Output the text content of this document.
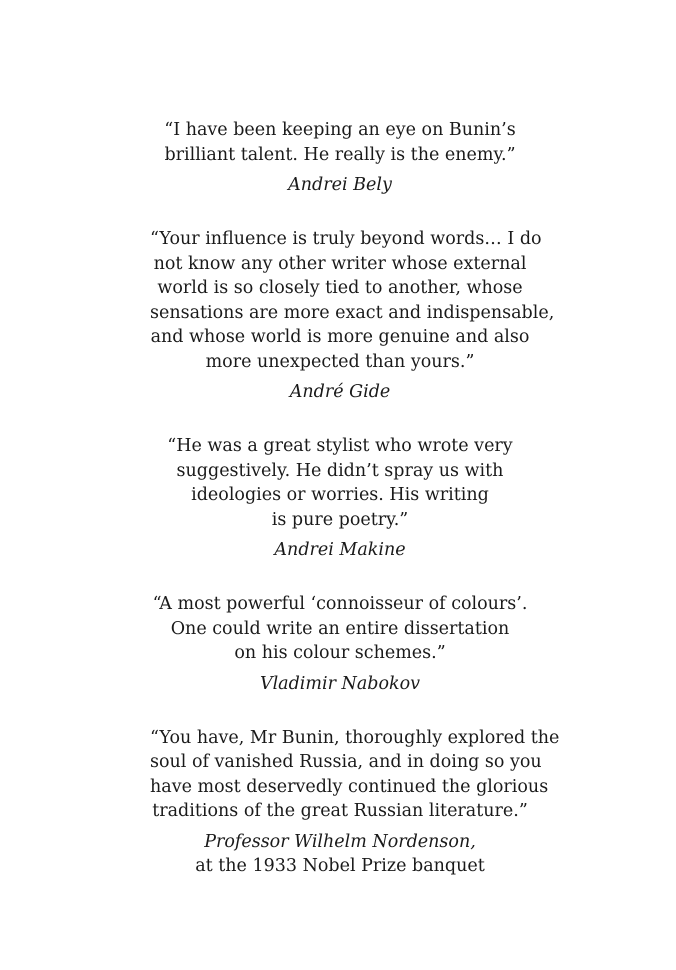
“I have been keeping an eye on Bunin’s
brilliant talent. He really is the enemy.”

Andrei Bely

“Your influence is truly beyond words… I do
not know any other writer whose external
world is so closely tied to another, whose
sensations are more exact and indispensable,
and whose world is more genuine and also
more unexpected than yours.”

André Gide

“He was a great stylist who wrote very
suggestively. He didn’t spray us with
ideologies or worries. His writing
is pure poetry.”

Andrei Makine

“A most powerful ‘connoisseur of colours’.
One could write an entire dissertation
on his colour schemes.”

Vladimir Nabokov

“You have, Mr Bunin, thoroughly explored the
soul of vanished Russia, and in doing so you
have most deservedly continued the glorious
traditions of the great Russian literature.”

Professor Wilhelm Nordenson,

at the 1933 Nobel Prize banquet
